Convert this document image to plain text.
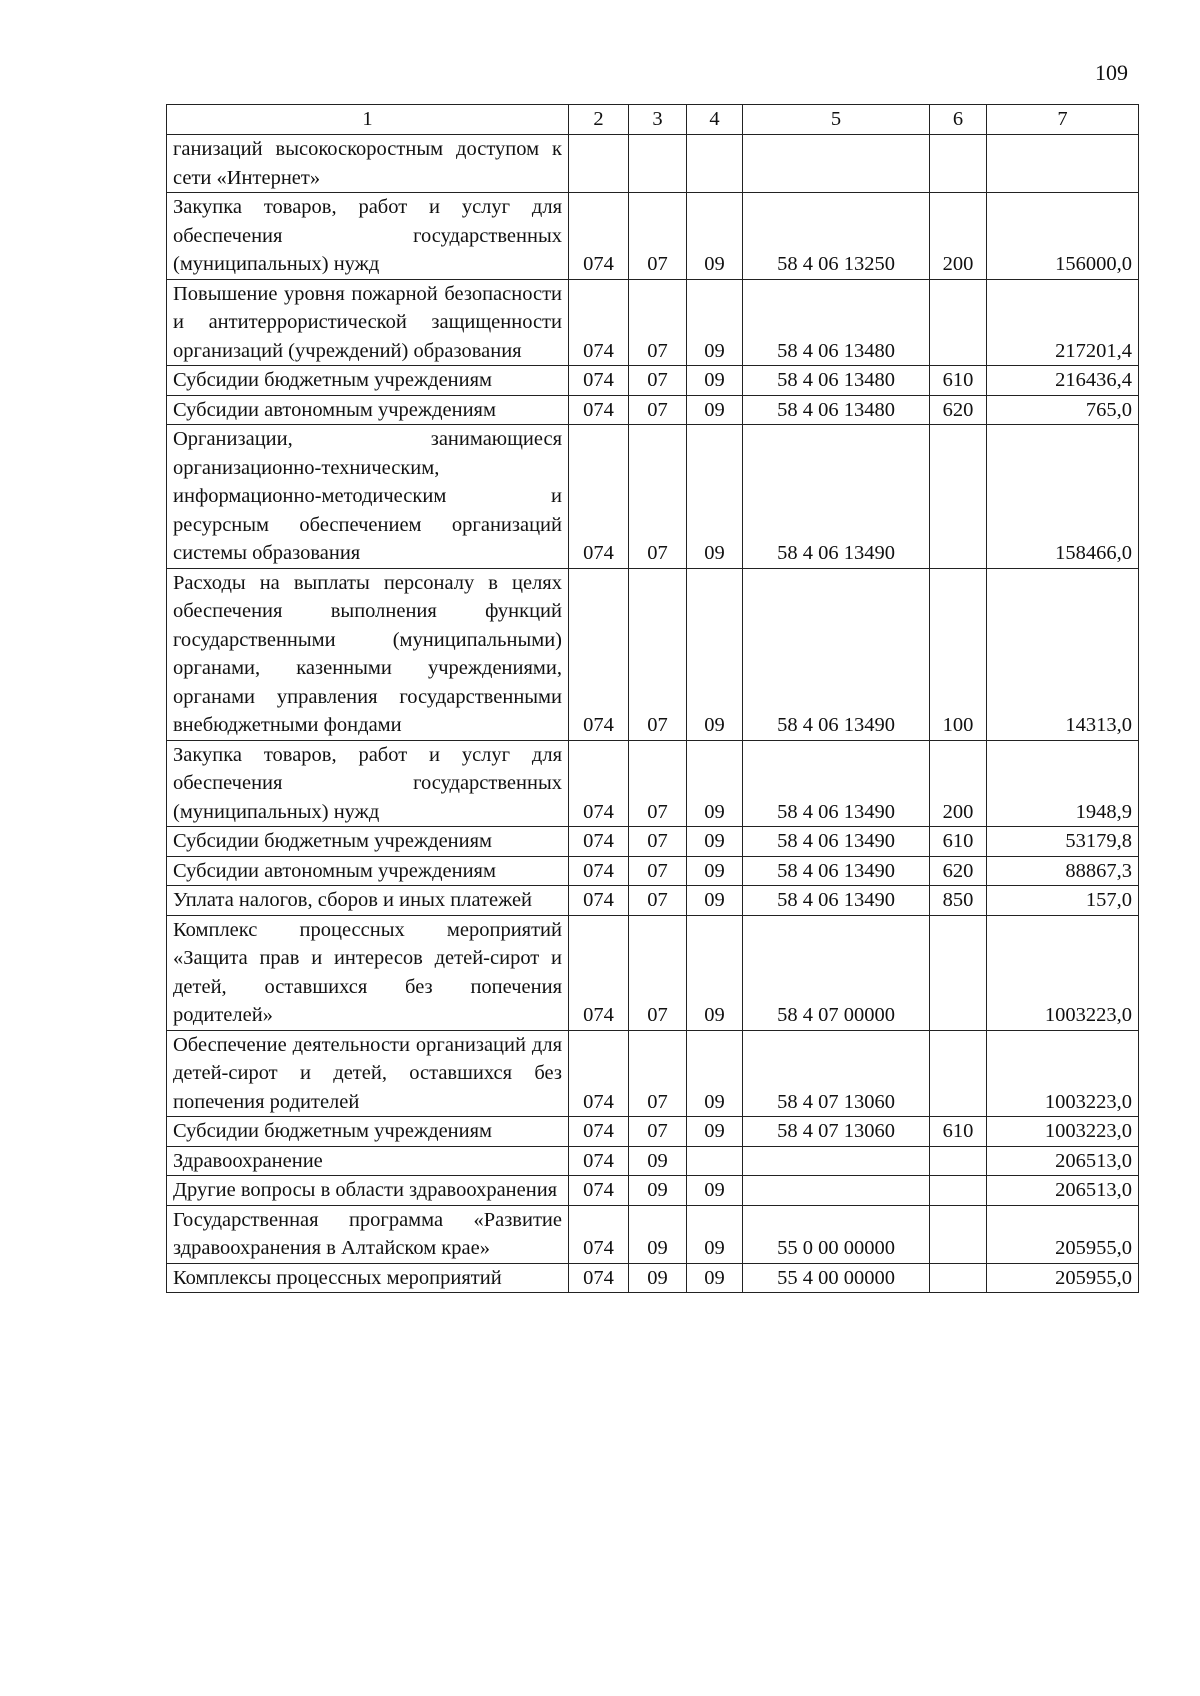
109
1	2	3	4	5	6	7
ганизаций высокоскоростным доступом к сети «Интернет»						
Закупка товаров, работ и услуг для обеспечения государственных (муниципальных) нужд	074	07	09	58 4 06 13250	200	156000,0
Повышение уровня пожарной безопасности и антитеррористической защищенности организаций (учреждений) образования	074	07	09	58 4 06 13480		217201,4
Субсидии бюджетным учреждениям	074	07	09	58 4 06 13480	610	216436,4
Субсидии автономным учреждениям	074	07	09	58 4 06 13480	620	765,0
Организации, занимающиеся организационно-техническим, информационно-методическим и ресурсным обеспечением организаций системы образования	074	07	09	58 4 06 13490		158466,0
Расходы на выплаты персоналу в целях обеспечения выполнения функций государственными (муниципальными) органами, казенными учреждениями, органами управления государственными внебюджетными фондами	074	07	09	58 4 06 13490	100	14313,0
Закупка товаров, работ и услуг для обеспечения государственных (муниципальных) нужд	074	07	09	58 4 06 13490	200	1948,9
Субсидии бюджетным учреждениям	074	07	09	58 4 06 13490	610	53179,8
Субсидии автономным учреждениям	074	07	09	58 4 06 13490	620	88867,3
Уплата налогов, сборов и иных платежей	074	07	09	58 4 06 13490	850	157,0
Комплекс процессных мероприятий «Защита прав и интересов детей-сирот и детей, оставшихся без попечения родителей»	074	07	09	58 4 07 00000		1003223,0
Обеспечение деятельности организаций для детей-сирот и детей, оставшихся без попечения родителей	074	07	09	58 4 07 13060		1003223,0
Субсидии бюджетным учреждениям	074	07	09	58 4 07 13060	610	1003223,0
Здравоохранение	074	09				206513,0
Другие вопросы в области здравоохранения	074	09	09			206513,0
Государственная программа «Развитие здравоохранения в Алтайском крае»	074	09	09	55 0 00 00000		205955,0
Комплексы процессных мероприятий	074	09	09	55 4 00 00000		205955,0
